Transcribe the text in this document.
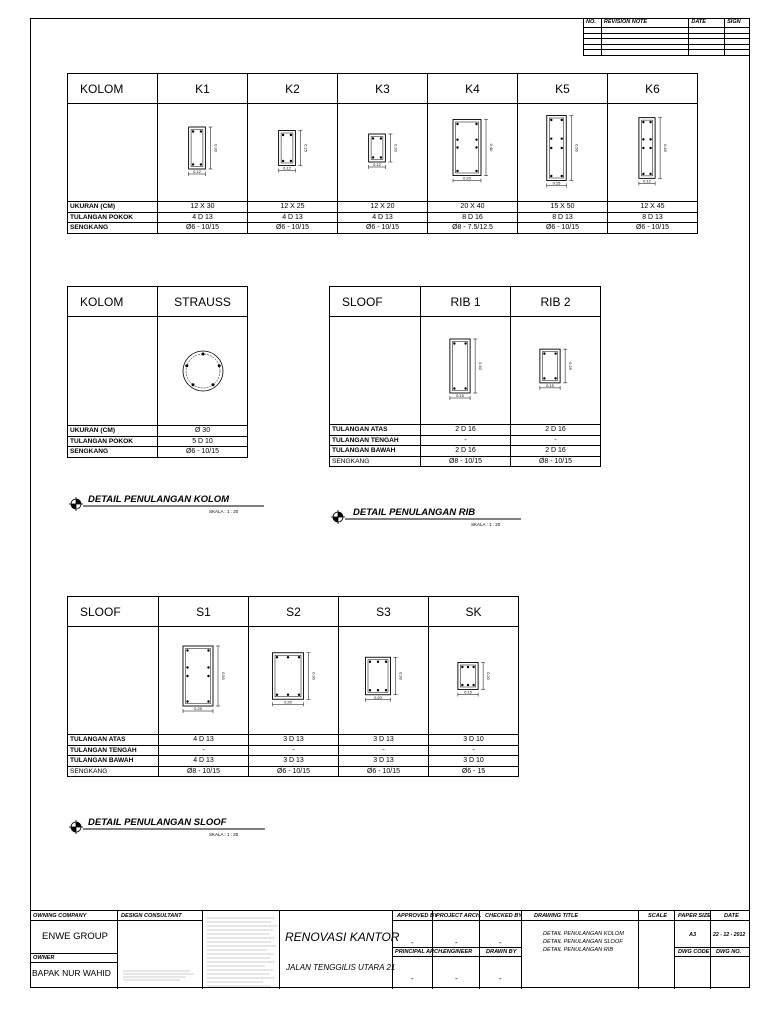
NO.	REVISION NOTE	DATE	SIGN
KOLOM	K1	K2	K3	K4	K5	K6

0.30
0.12	0.25
0.12	0.20
0.12	0.40
0.20	0.50
0.15	0.45
0.12

UKURAN (CM)	12 X 30	12 X 25	12 X 20	20 X 40	15 X 50	12 X 45
TULANGAN POKOK	4 D 13	4 D 13	4 D 13	8 D 16	8 D 13	8 D 13
SENGKANG	Ø6 - 10/15	Ø6 - 10/15	Ø6 - 10/15	Ø8 - 7.5/12.5	Ø6 - 10/15	Ø6 - 10/15
KOLOM	STRAUSS

UKURAN (CM)	Ø 30
TULANGAN POKOK	5 D 10
SENGKANG	Ø6 - 10/15
SLOOF	RIB 1	RIB 2

0.40
0.15	0.25
0.15

TULANGAN ATAS	2 D 16	2 D 16
TULANGAN TENGAH	-	-
TULANGAN BAWAH	2 D 16	2 D 16
SENGKANG	Ø8 - 10/15	Ø8 - 10/15
SLOOF	S1	S2	S3	SK

0.50
0.25	0.30
0.20	0.30
0.20	0.20
0.15

TULANGAN ATAS	4 D 13	3 D 13	3 D 13	3 D 10
TULANGAN TENGAH	-	-	-	-
TULANGAN BAWAH	4 D 13	3 D 13	3 D 13	3 D 10
SENGKANG	Ø8 - 10/15	Ø6 - 10/15	Ø6 - 10/15	Ø6 - 15
DETAIL PENULANGAN KOLOM
SKALA : 1 : 20	DETAIL PENULANGAN RIB
SKALA : 1 : 20
DETAIL PENULANGAN SLOOF
SKALA : 1 : 20
OWNING COMPANY
ENWE GROUP
OWNER
BAPAK NUR WAHID
DESIGN CONSULTANT
RENOVASI KANTOR
JALAN TENGGILIS UTARA 21
APPROVED BY
-
PRINCIPAL ARCH.
-
PROJECT ARCH.
-
ENGINEER
-
CHECKED BY
-
DRAWN BY
-
DRAWING TITLE
DETAIL PENULANGAN KOLOM
DETAIL PENULANGAN SLOOF
DETAIL PENULANGAN RIB
SCALE PAPER SIZE
A3
DWG CODE
DATE
22 - 12 - 2012
DWG NO.
